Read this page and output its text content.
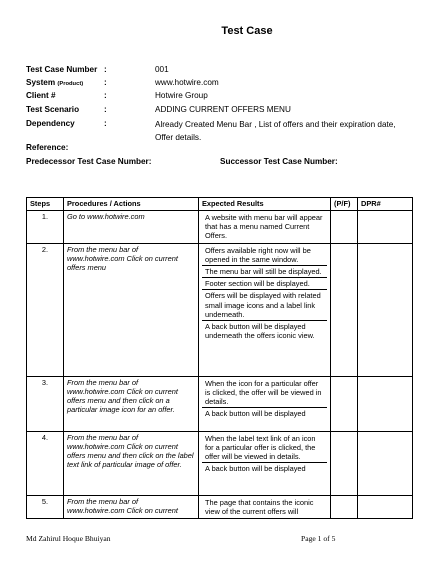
Test Case
Test Case Number :	001
System (Product)	:	www.hotwire.com
Client #	:	Hotwire Group
Test Scenario	:	ADDING CURRENT OFFERS MENU
Dependency	:	Already Created Menu Bar , List of offers and their expiration date, Offer details.
Reference:
Predecessor Test Case Number:	Successor Test Case Number:
Steps	Procedures / Actions	Expected Results	(P/F)	DPR#
1.	Go to www.hotwire.com	A website with menu bar will appear that has a menu named Current Offers.		

2.	From the menu bar of www.hotwire.com Click on current offers menu	Offers available right now will be opened in the same window.
The menu bar will still be displayed.
Footer section will be displayed.
Offers will be displayed with related small image icons and a label link underneath.
A back button will be displayed underneath the offers iconic view.		

3.	From the menu bar of www.hotwire.com Click on current offers menu and then click on a particular image icon for an offer.	When the icon for a particular offer is clicked, the offer will be viewed in details.
A back button will be displayed		

4.	From the menu bar of www.hotwire.com Click on current offers menu and then click on the label text link of particular image of offer.	When the label text link of an icon for a particular offer is clicked, the offer will be viewed in details.
A back button will be displayed		

5.	From the menu bar of www.hotwire.com Click on current	The page that contains the iconic view of the current offers will		

Md Zahirul Hoque Bhuiyan	Page 1 of 5
